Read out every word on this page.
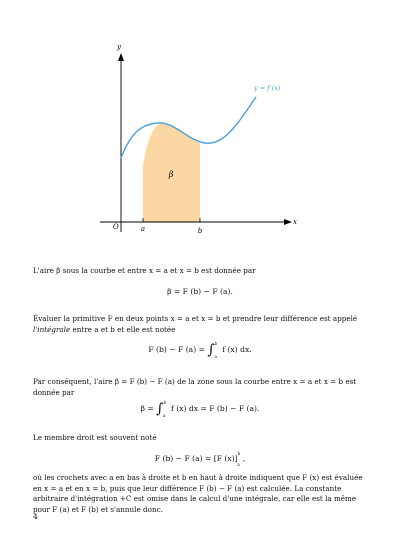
y
x
O	a	b
β
y = f (x)

L'aire β sous la courbe et entre x = a et x = b est donnée par

β = F (b) − F (a).

Évaluer la primitive F en deux points x = a et x = b et prendre leur différence est appelé l'intégrale entre a et b et elle est notée

F (b) − F (a) = ∫$^b_a$ f (x) dx.

Par conséquent, l'aire β = F (b) − F (a) de la zone sous la courbe entre x = a et x = b est donnée par

β = ∫$^b_a$ f (x) dx = F (b) − F (a).

Le membre droit est souvent noté

F (b) − F (a) = [F (x)]$^b_a$,

où les crochets avec a en bas à droite et b en haut à droite indiquent que F (x) est évaluée en x = a et en x = b, puis que leur différence F (b) − F (a) est calculée. La constante arbitraire d'intégration +C est omise dans le calcul d'une intégrale, car elle est la même pour F (a) et F (b) et s'annule donc.

4
